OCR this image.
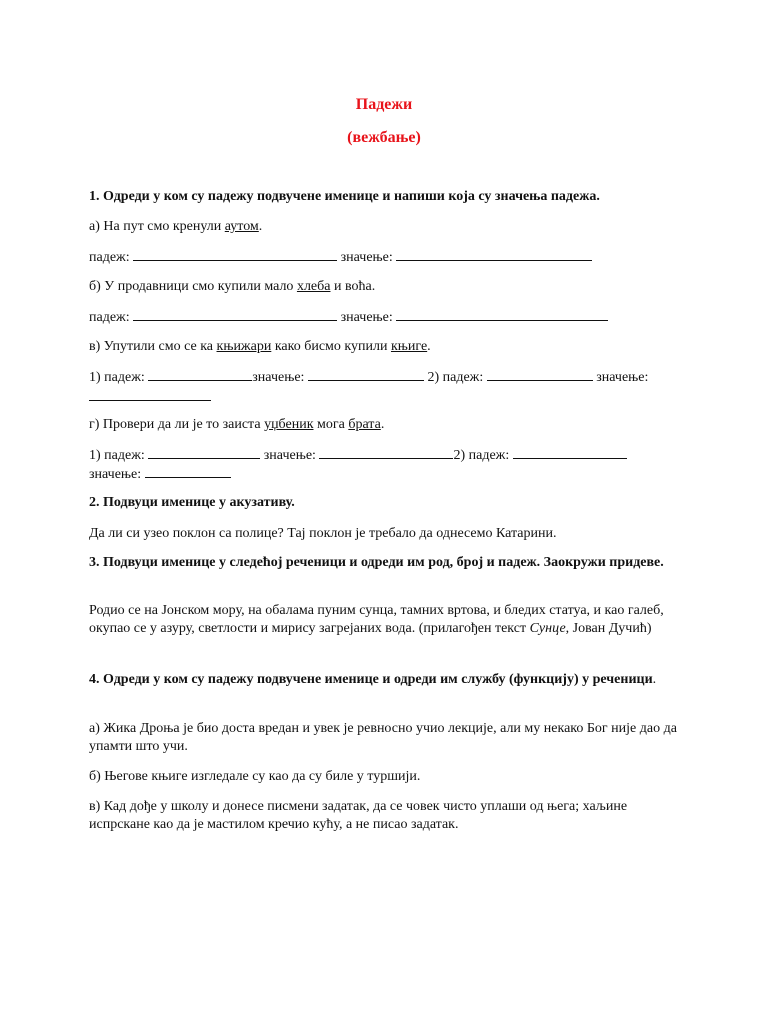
Падежи
(вежбање)
1. Одреди у ком су падежу подвучене именице и напиши која су значења падежа.
а) На пут смо кренули аутом.
падеж:	значење:
б) У продавници смо купили мало хлеба и воћа.
падеж:	значење:
в) Упутили смо се ка књижари како бисмо купили књиге.
1) падеж:	значење:	2) падеж:	значење:
г) Провери да ли је то заиста уџбеник мога брата.
1) падеж:	значење:	2) падеж:
значење:
2. Подвуци именице у акузативу.
Да ли си узео поклон са полице? Тај поклон је требало да однесемо Катарини.
3. Подвуци именице у следећој реченици и одреди им род, број и падеж. Заокружи придеве.
Родио се на Јонском мору, на обалама пуним сунца, тамних вртова, и бледих статуа, и као галеб, окупао се у азуру, светлости и мирису загрејаних вода. (прилагођен текст Сунце, Јован Дучић)
4. Одреди у ком су падежу подвучене именице и одреди им службу (функцију) у реченици.
а) Жика Дроња је био доста вредан и увек је ревносно учио лекције, али му некако Бог није дао да упамти што учи.
б) Његове књиге изгледале су као да су биле у туршији.
в) Кад дође у школу и донесе писмени задатак, да се човек чисто уплаши од њега; хаљине испрскане као да је мастилом кречио кућу, а не писао задатак.
